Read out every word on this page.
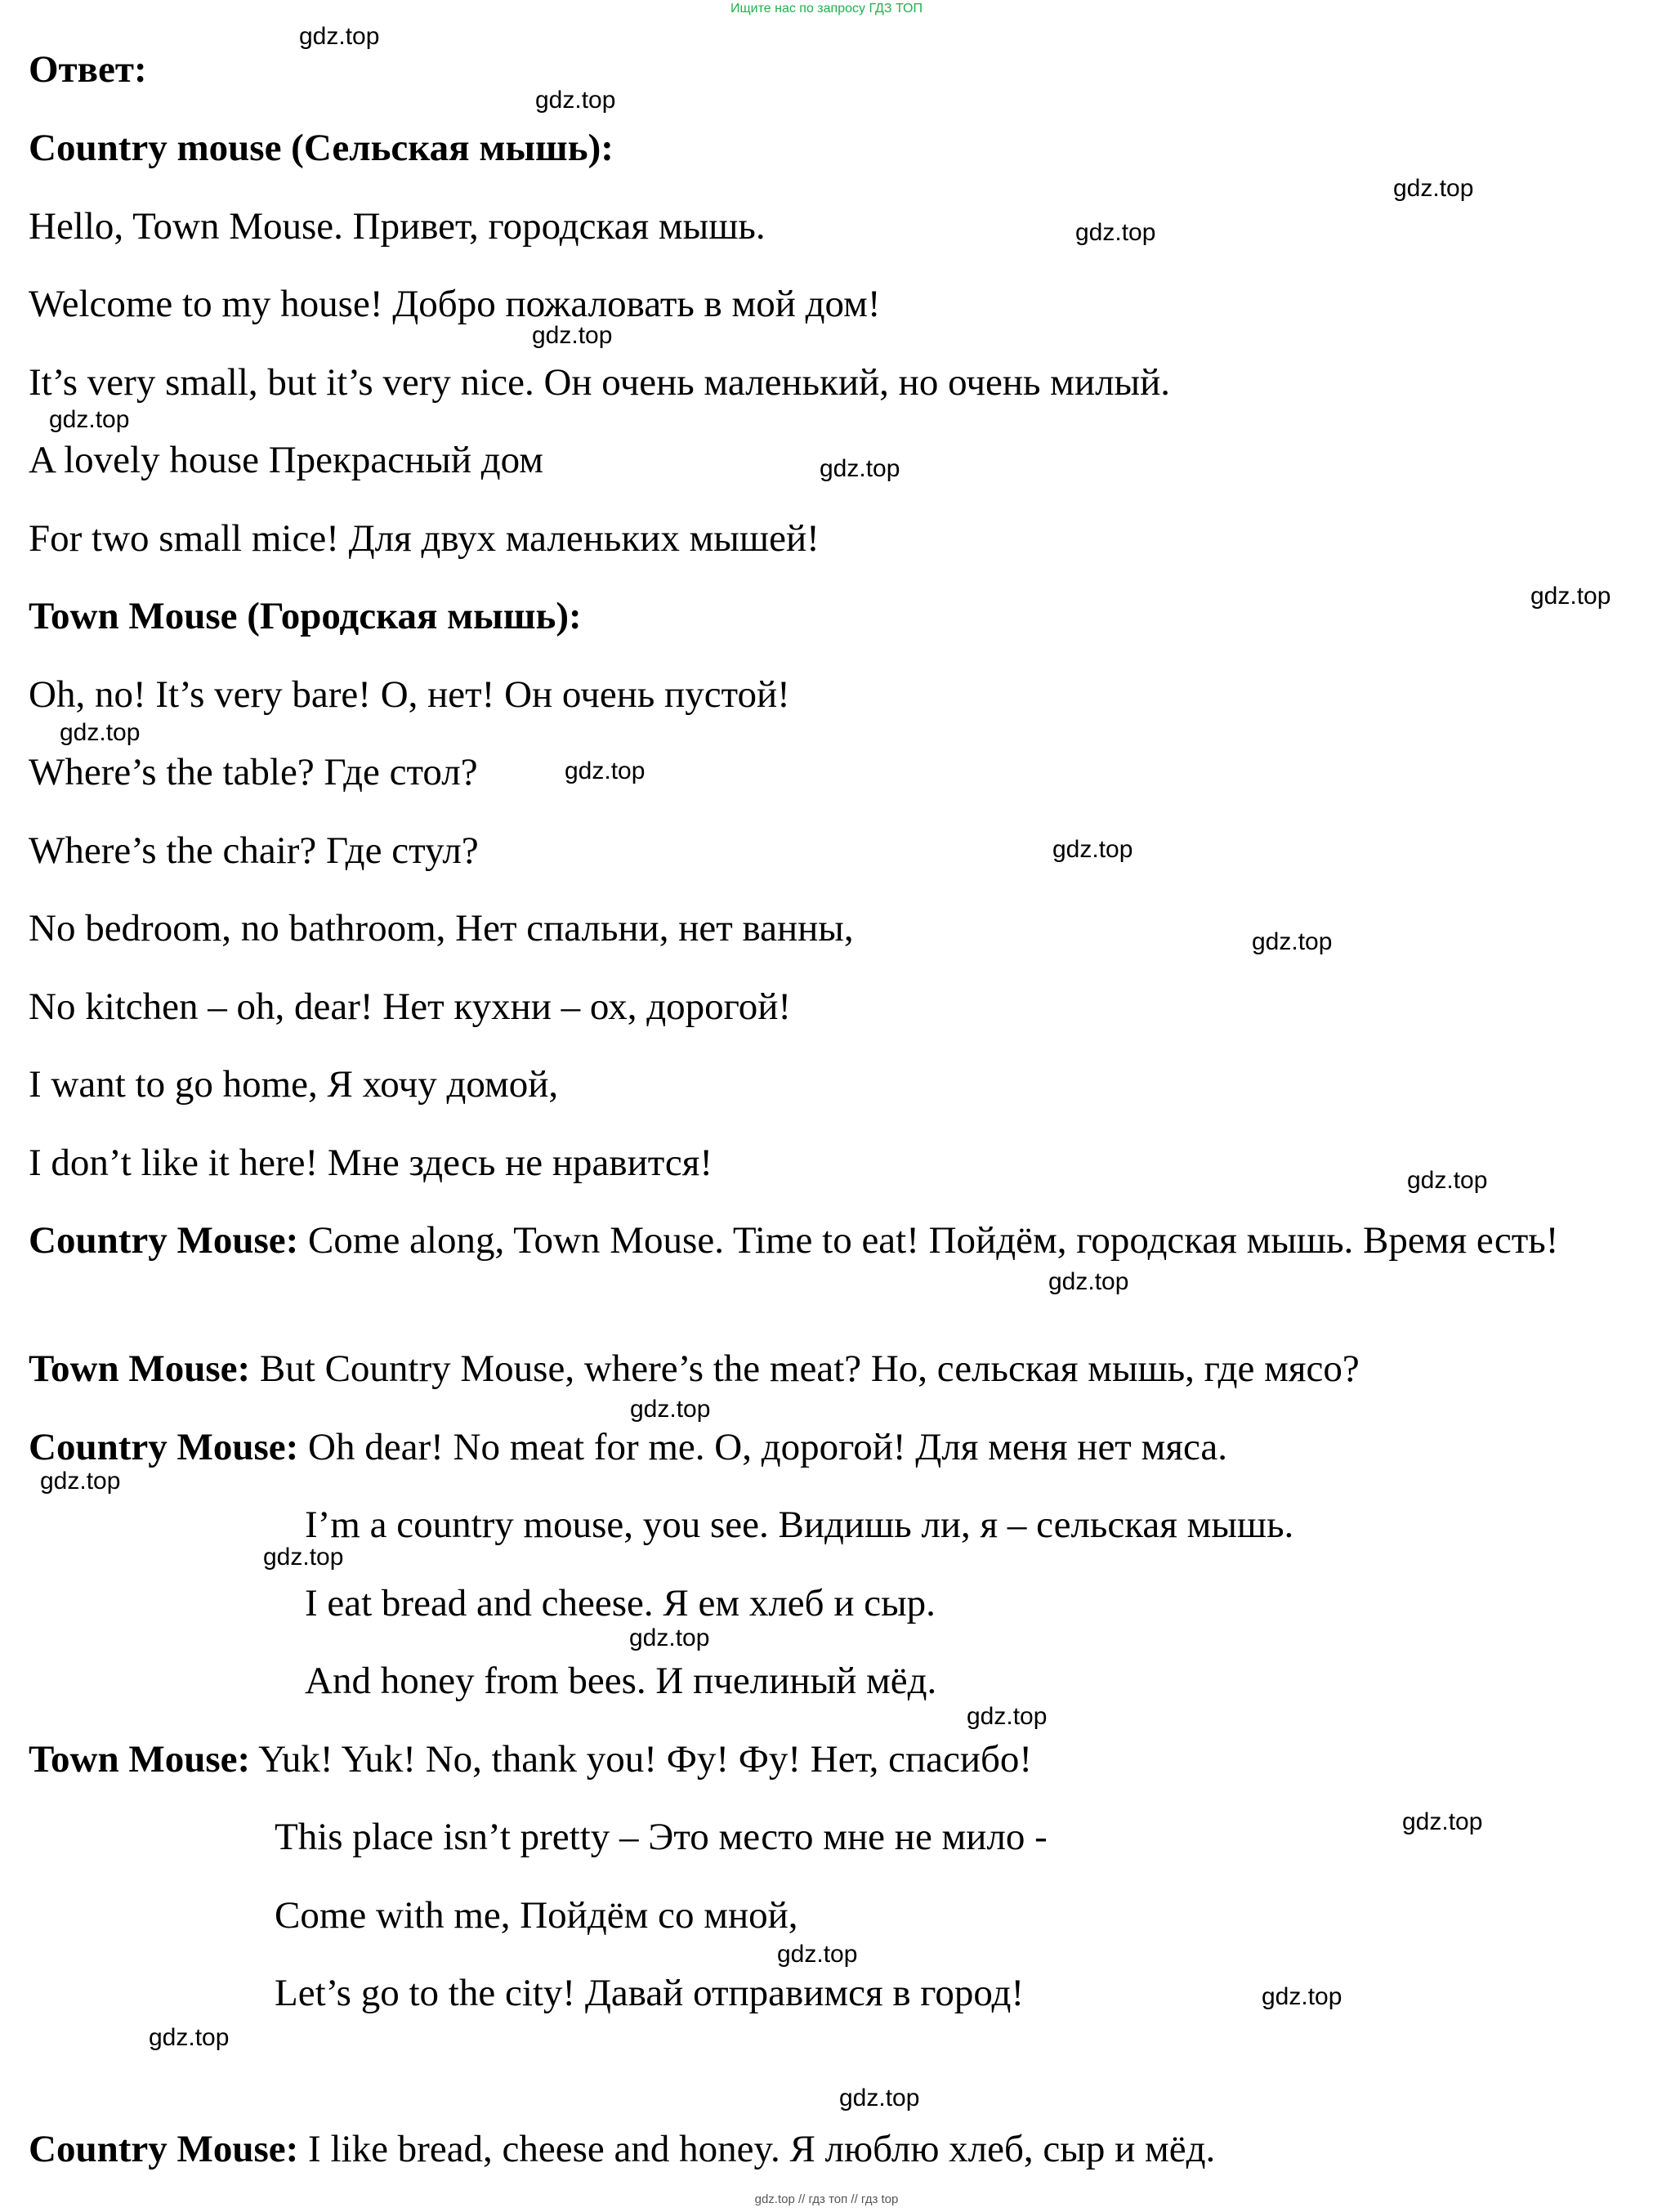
Ищите нас по запросу ГДЗ ТОП
Ответ:
Country mouse (Сельская мышь):
Hello, Town Mouse. Привет, городская мышь.
Welcome to my house! Добро пожаловать в мой дом!
It’s very small, but it’s very nice. Он очень маленький, но очень милый.
A lovely house Прекрасный дом
For two small mice! Для двух маленьких мышей!
Town Mouse (Городская мышь):
Oh, no! It’s very bare! О, нет! Он очень пустой!
Where’s the table? Где стол?
Where’s the chair? Где стул?
No bedroom, no bathroom, Нет спальни, нет ванны,
No kitchen – oh, dear! Нет кухни – ох, дорогой!
I want to go home, Я хочу домой,
I don’t like it here! Мне здесь не нравится!
Country Mouse: Come along, Town Mouse. Time to eat! Пойдём, городская мышь. Время есть!
Town Mouse: But Country Mouse, where’s the meat? Но, сельская мышь, где мясо?
Country Mouse: Oh dear! No meat for me. О, дорогой! Для меня нет мяса.
I’m a country mouse, you see. Видишь ли, я – сельская мышь.
I eat bread and cheese. Я ем хлеб и сыр.
And honey from bees. И пчелиный мёд.
Town Mouse: Yuk! Yuk! No, thank you! Фу! Фу! Нет, спасибо!
This place isn’t pretty – Это место мне не мило -
Come with me, Пойдём со мной,
Let’s go to the city! Давай отправимся в город!
Country Mouse: I like bread, cheese and honey. Я люблю хлеб, сыр и мёд.
gdz.top
gdz.top
gdz.top
gdz.top
gdz.top
gdz.top
gdz.top
gdz.top
gdz.top
gdz.top
gdz.top
gdz.top
gdz.top
gdz.top
gdz.top
gdz.top
gdz.top
gdz.top
gdz.top
gdz.top
gdz.top
gdz.top
gdz.top
gdz.top
gdz.top // гдз топ // гдз top
